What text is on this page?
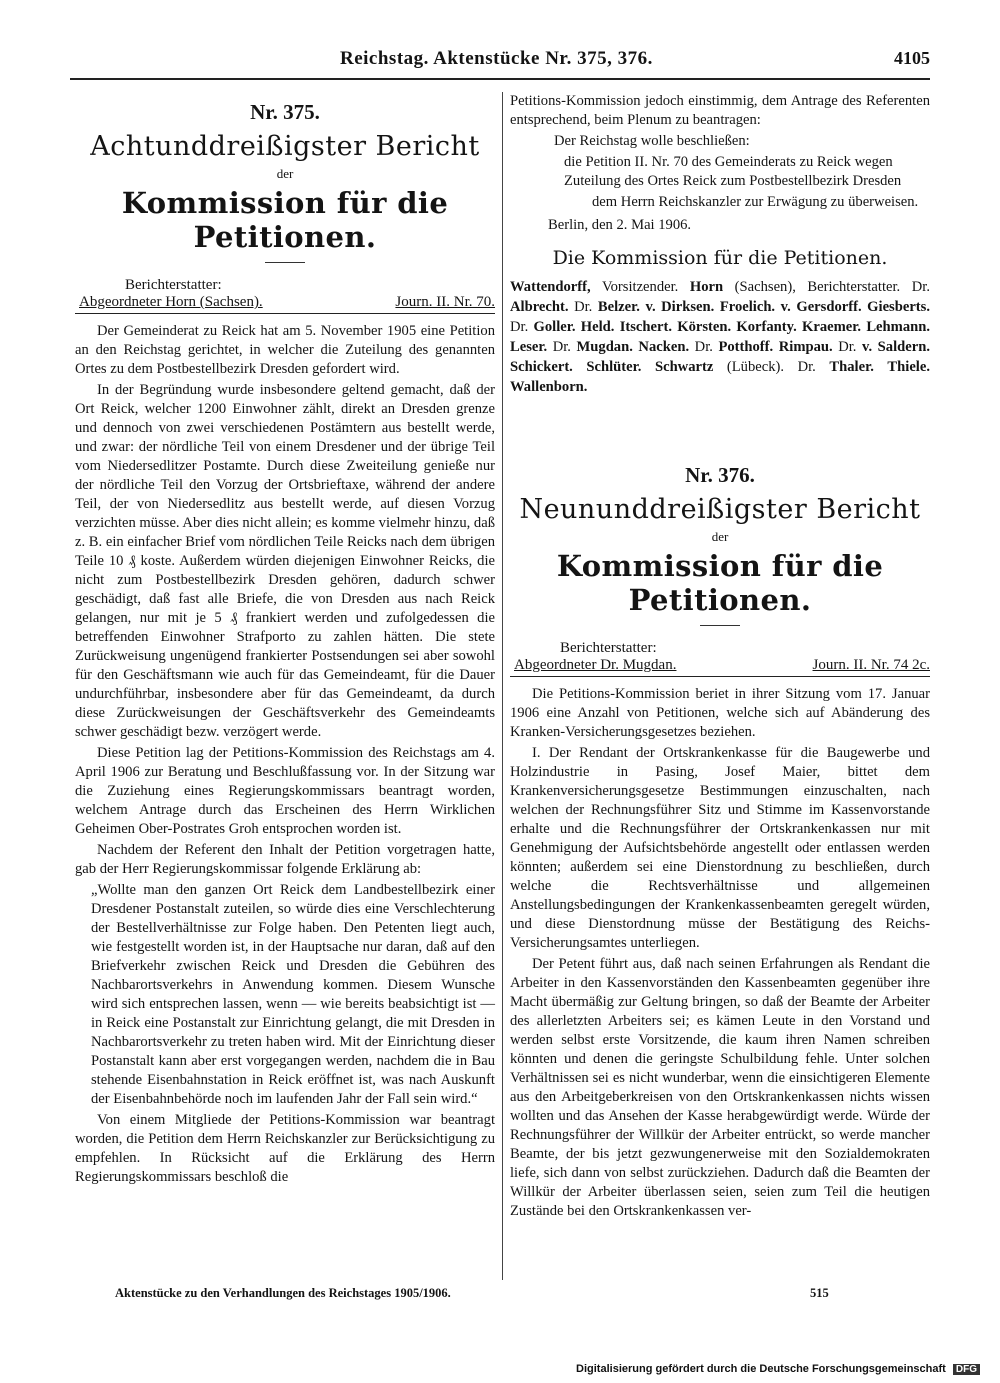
Reichstag. Aktenstücke Nr. 375, 376.	4105
Nr. 375.
Achtunddreißigster Bericht
der
Kommission für die Petitionen.
Berichterstatter:
Abgeordneter Horn (Sachsen).	Journ. II. Nr. 70.

Der Gemeinderat zu Reick hat am 5. November 1905 eine Petition an den Reichstag gerichtet, in welcher die Zuteilung des genannten Ortes zu dem Postbestellbezirk Dresden gefordert wird.

In der Begründung wurde insbesondere geltend gemacht, daß der Ort Reick, welcher 1200 Einwohner zählt, direkt an Dresden grenze und dennoch von zwei verschiedenen Postämtern aus bestellt werde, und zwar: der nördliche Teil von einem Dresdener und der übrige Teil vom Niedersedlitzer Postamte. Durch diese Zweiteilung genieße nur der nördliche Teil den Vorzug der Ortsbrieftaxe, während der andere Teil, der von Niedersedlitz aus bestellt werde, auf diesen Vorzug verzichten müsse. Aber dies nicht allein; es komme vielmehr hinzu, daß z. B. ein einfacher Brief vom nördlichen Teile Reicks nach dem übrigen Teile 10 ₰ koste. Außerdem würden diejenigen Einwohner Reicks, die nicht zum Postbestellbezirk Dresden gehören, dadurch schwer geschädigt, daß fast alle Briefe, die von Dresden aus nach Reick gelangen, nur mit je 5 ₰ frankiert werden und zufolgedessen die betreffenden Einwohner Strafporto zu zahlen hätten. Die stete Zurückweisung ungenügend frankierter Postsendungen sei aber sowohl für den Geschäftsmann wie auch für das Gemeindeamt, für die Dauer undurchführbar, insbesondere aber für das Gemeindeamt, da durch diese Zurückweisungen der Geschäftsverkehr des Gemeindeamts schwer geschädigt bezw. verzögert werde.

Diese Petition lag der Petitions-Kommission des Reichstags am 4. April 1906 zur Beratung und Beschlußfassung vor. In der Sitzung war die Zuziehung eines Regierungskommissars beantragt worden, welchem Antrage durch das Erscheinen des Herrn Wirklichen Geheimen Ober-Postrates Groh entsprochen worden ist.

Nachdem der Referent den Inhalt der Petition vorgetragen hatte, gab der Herr Regierungskommissar folgende Erklärung ab:

„Wollte man den ganzen Ort Reick dem Landbestellbezirk einer Dresdener Postanstalt zuteilen, so würde dies eine Verschlechterung der Bestellverhältnisse zur Folge haben. Den Petenten liegt auch, wie festgestellt worden ist, in der Hauptsache nur daran, daß auf den Briefverkehr zwischen Reick und Dresden die Gebühren des Nachbarortsverkehrs in Anwendung kommen. Diesem Wunsche wird sich entsprechen lassen, wenn — wie bereits beabsichtigt ist — in Reick eine Postanstalt zur Einrichtung gelangt, die mit Dresden in Nachbarortsverkehr zu treten haben wird. Mit der Einrichtung dieser Postanstalt kann aber erst vorgegangen werden, nachdem die in Bau stehende Eisenbahnstation in Reick eröffnet ist, was nach Auskunft der Eisenbahnbehörde noch im laufenden Jahr der Fall sein wird.“

Von einem Mitgliede der Petitions-Kommission war beantragt worden, die Petition dem Herrn Reichskanzler zur Berücksichtigung zu empfehlen. In Rücksicht auf die Erklärung des Herrn Regierungskommissars beschloß die

Petitions-Kommission jedoch einstimmig, dem Antrage des Referenten entsprechend, beim Plenum zu beantragen:

Der Reichstag wolle beschließen:
die Petition II. Nr. 70 des Gemeinderats zu Reick wegen Zuteilung des Ortes Reick zum Postbestellbezirk Dresden
dem Herrn Reichskanzler zur Erwägung zu überweisen.
Berlin, den 2. Mai 1906.
Die Kommission für die Petitionen.
Wattendorff, Vorsitzender. Horn (Sachsen), Berichterstatter. Dr. Albrecht. Dr. Belzer. v. Dirksen. Froelich. v. Gersdorff. Giesberts. Dr. Goller. Held. Itschert. Körsten. Korfanty. Kraemer. Lehmann. Leser. Dr. Mugdan. Nacken. Dr. Potthoff. Rimpau. Dr. v. Saldern. Schickert. Schlüter. Schwartz (Lübeck). Dr. Thaler. Thiele. Wallenborn.
Nr. 376.
Neununddreißigster Bericht
der
Kommission für die Petitionen.
Berichterstatter:
Abgeordneter Dr. Mugdan.	Journ. II. Nr. 74 2c.

Die Petitions-Kommission beriet in ihrer Sitzung vom 17. Januar 1906 eine Anzahl von Petitionen, welche sich auf Abänderung des Kranken-Versicherungsgesetzes beziehen.

I. Der Rendant der Ortskrankenkasse für die Baugewerbe und Holzindustrie in Pasing, Josef Maier, bittet dem Krankenversicherungsgesetze Bestimmungen einzuschalten, nach welchen der Rechnungsführer Sitz und Stimme im Kassenvorstande erhalte und die Rechnungsführer der Ortskrankenkassen nur mit Genehmigung der Aufsichtsbehörde angestellt oder entlassen werden könnten; außerdem sei eine Dienstordnung zu beschließen, durch welche die Rechtsverhältnisse und allgemeinen Anstellungsbedingungen der Krankenkassenbeamten geregelt würden, und diese Dienstordnung müsse der Bestätigung des Reichs-Versicherungsamtes unterliegen.

Der Petent führt aus, daß nach seinen Erfahrungen als Rendant die Arbeiter in den Kassenvorständen den Kassenbeamten gegenüber ihre Macht übermäßig zur Geltung bringen, so daß der Beamte der Arbeiter des allerletzten Arbeiters sei; es kämen Leute in den Vorstand und werden selbst erste Vorsitzende, die kaum ihren Namen schreiben könnten und denen die geringste Schulbildung fehle. Unter solchen Verhältnissen sei es nicht wunderbar, wenn die einsichtigeren Elemente aus den Arbeitgeberkreisen von den Ortskrankenkassen nichts wissen wollten und das Ansehen der Kasse herabgewürdigt werde. Würde der Rechnungsführer der Willkür der Arbeiter entrückt, so werde mancher Beamte, der bis jetzt gezwungenerweise mit den Sozialdemokraten liefe, sich dann von selbst zurückziehen. Dadurch daß die Beamten der Willkür der Arbeiter überlassen seien, seien zum Teil die heutigen Zustände bei den Ortskrankenkassen ver-

Aktenstücke zu den Verhandlungen des Reichstages 1905/1906.	515
Digitalisierung gefördert durch die Deutsche Forschungsgemeinschaft DFG
